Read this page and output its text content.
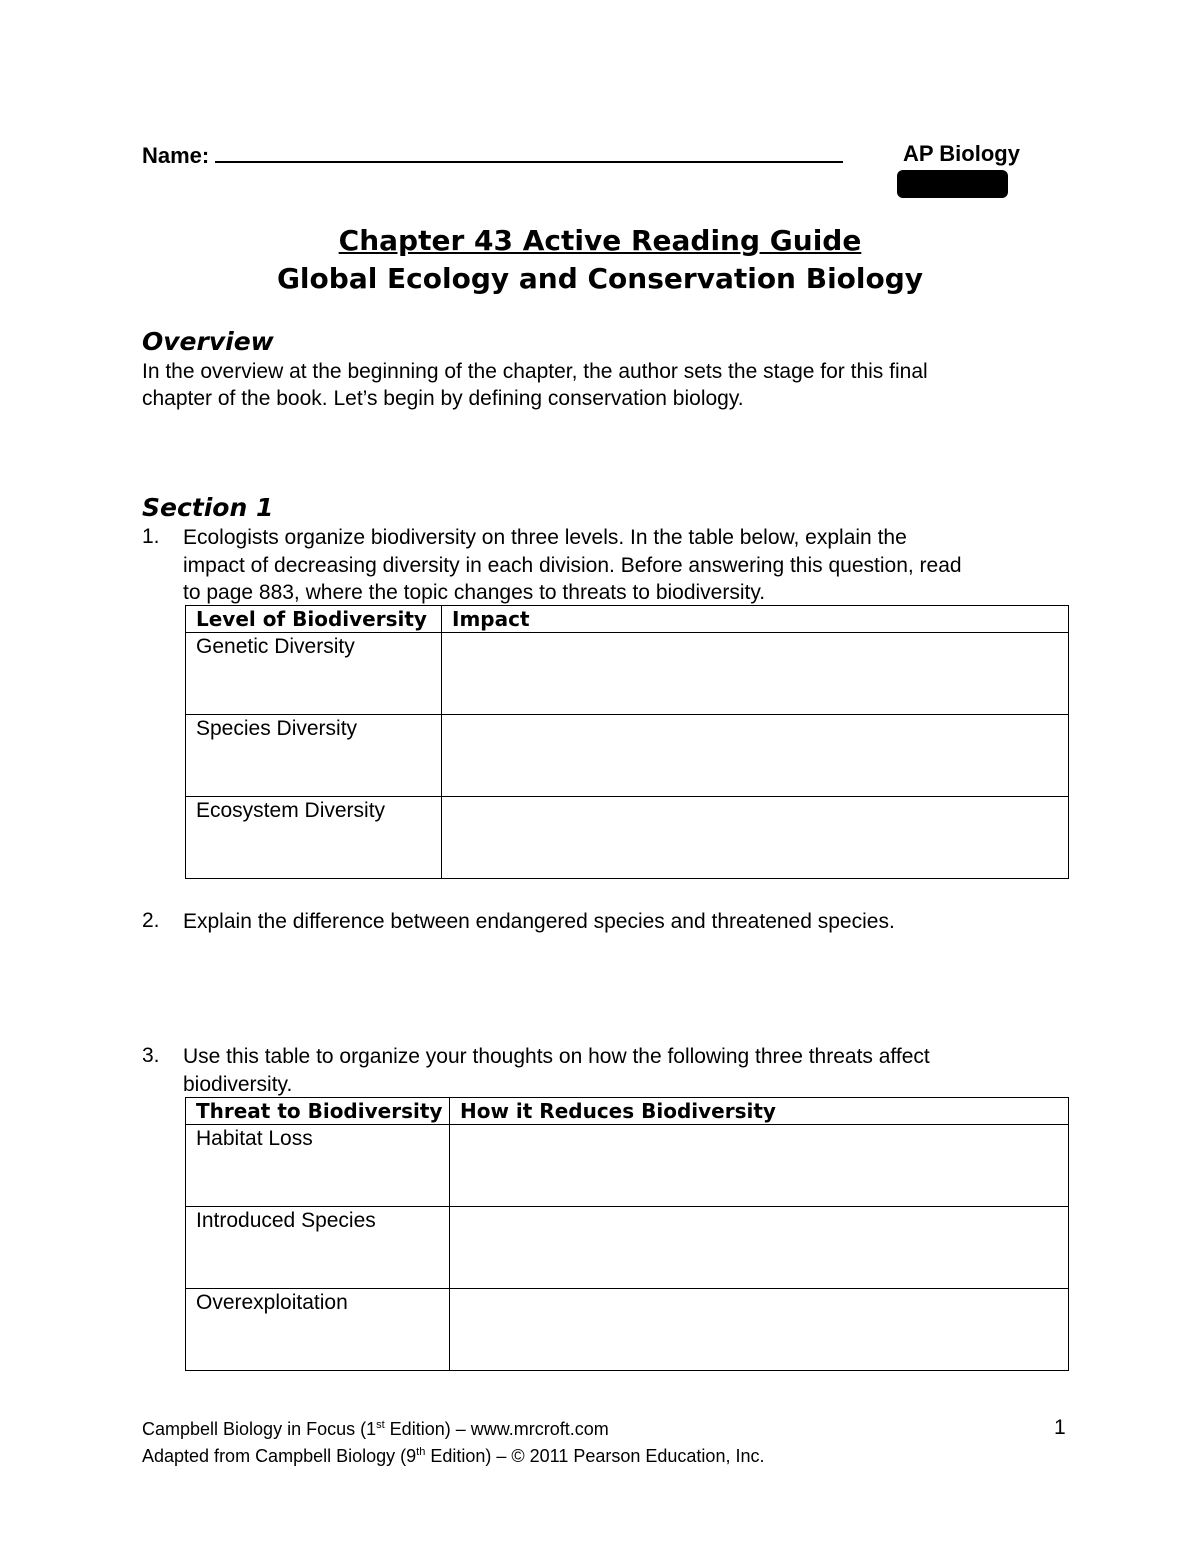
Name:	AP Biology
Chapter 43 Active Reading Guide
Global Ecology and Conservation Biology
Overview
In the overview at the beginning of the chapter, the author sets the stage for this final
chapter of the book. Let’s begin by defining conservation biology.
Section 1
1. Ecologists organize biodiversity on three levels. In the table below, explain the
impact of decreasing diversity in each division. Before answering this question, read
to page 883, where the topic changes to threats to biodiversity.
Level of Biodiversity	Impact
Genetic Diversity	
Species Diversity	
Ecosystem Diversity	
2. Explain the difference between endangered species and threatened species.
3. Use this table to organize your thoughts on how the following three threats affect
biodiversity.
Threat to Biodiversity	How it Reduces Biodiversity
Habitat Loss	
Introduced Species	
Overexploitation	
Campbell Biology in Focus (1st Edition) – www.mrcroft.com
Adapted from Campbell Biology (9th Edition) – © 2011 Pearson Education, Inc.
1
